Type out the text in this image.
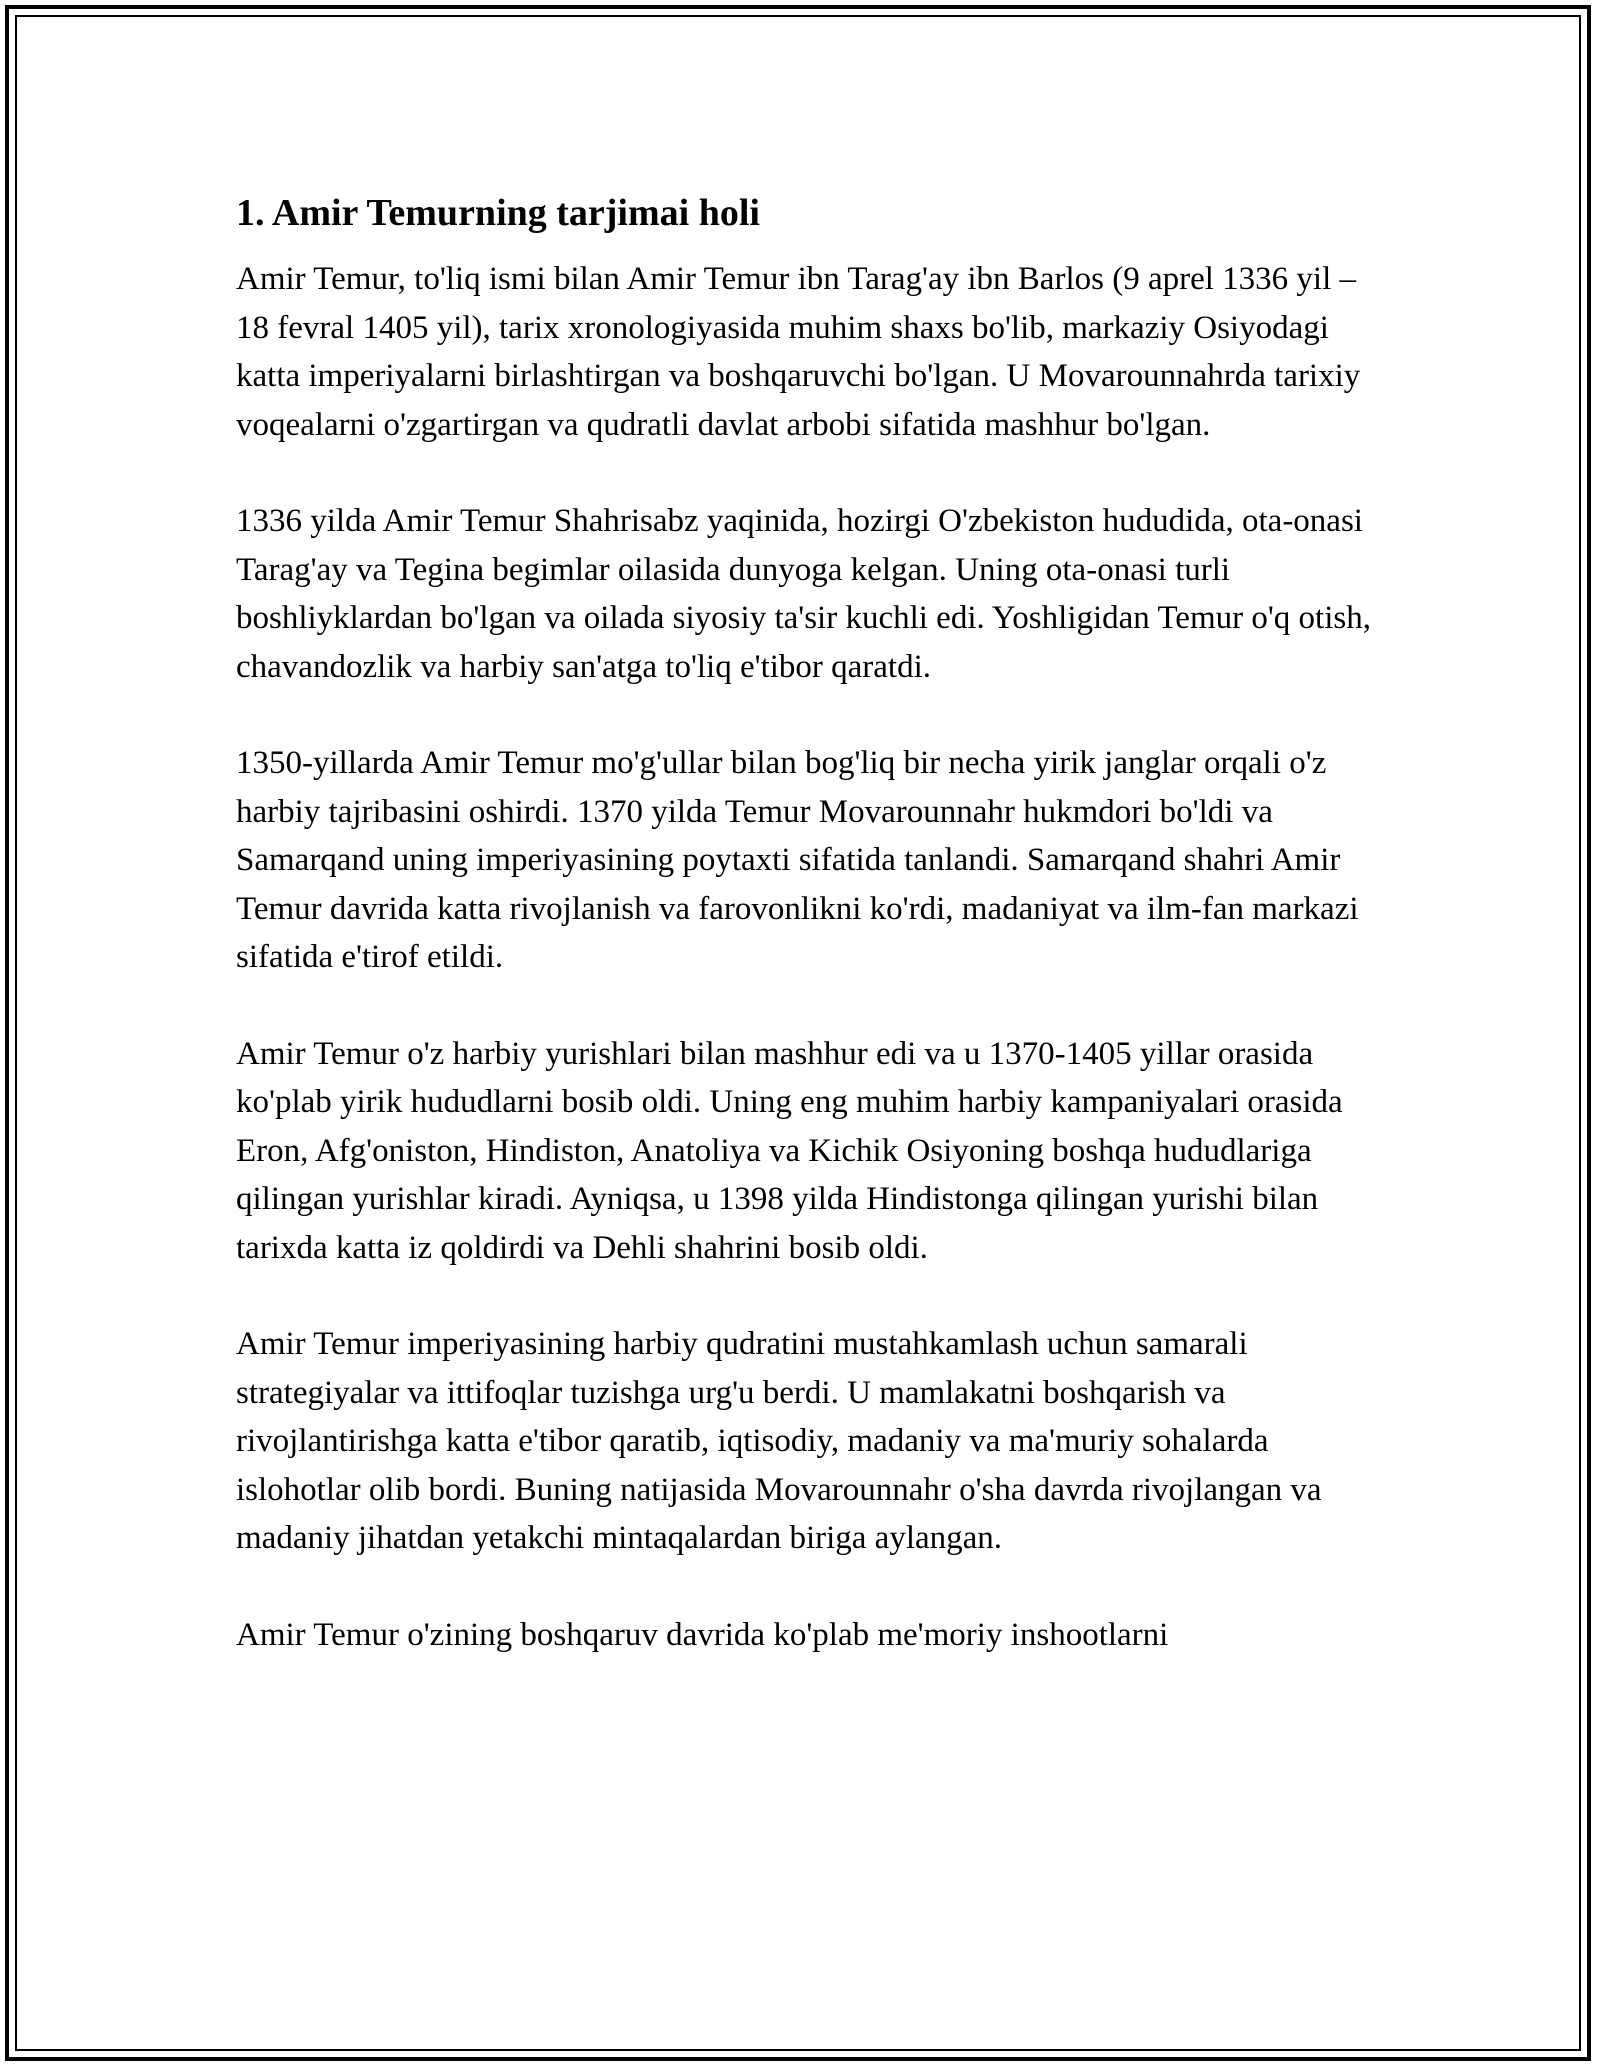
1. Amir Temurning tarjimai holi

Amir Temur, to'liq ismi bilan Amir Temur ibn Tarag'ay ibn Barlos (9 aprel 1336 yil – 18 fevral 1405 yil), tarix xronologiyasida muhim shaxs bo'lib, markaziy Osiyodagi katta imperiyalarni birlashtirgan va boshqaruvchi bo'lgan. U Movarounnahrda tarixiy voqealarni o'zgartirgan va qudratli davlat arbobi sifatida mashhur bo'lgan.

1336 yilda Amir Temur Shahrisabz yaqinida, hozirgi O'zbekiston hududida, ota-onasi Tarag'ay va Tegina begimlar oilasida dunyoga kelgan. Uning ota-onasi turli boshliyklardan bo'lgan va oilada siyosiy ta'sir kuchli edi. Yoshligidan Temur o'q otish, chavandozlik va harbiy san'atga to'liq e'tibor qaratdi.

1350-yillarda Amir Temur mo'g'ullar bilan bog'liq bir necha yirik janglar orqali o'z harbiy tajribasini oshirdi. 1370 yilda Temur Movarounnahr hukmdori bo'ldi va Samarqand uning imperiyasining poytaxti sifatida tanlandi. Samarqand shahri Amir Temur davrida katta rivojlanish va farovonlikni ko'rdi, madaniyat va ilm-fan markazi sifatida e'tirof etildi.

Amir Temur o'z harbiy yurishlari bilan mashhur edi va u 1370-1405 yillar orasida ko'plab yirik hududlarni bosib oldi. Uning eng muhim harbiy kampaniyalari orasida Eron, Afg'oniston, Hindiston, Anatoliya va Kichik Osiyoning boshqa hududlariga qilingan yurishlar kiradi. Ayniqsa, u 1398 yilda Hindistonga qilingan yurishi bilan tarixda katta iz qoldirdi va Dehli shahrini bosib oldi.

Amir Temur imperiyasining harbiy qudratini mustahkamlash uchun samarali strategiyalar va ittifoqlar tuzishga urg'u berdi. U mamlakatni boshqarish va rivojlantirishga katta e'tibor qaratib, iqtisodiy, madaniy va ma'muriy sohalarda islohotlar olib bordi. Buning natijasida Movarounnahr o'sha davrda rivojlangan va madaniy jihatdan yetakchi mintaqalardan biriga aylangan.

Amir Temur o'zining boshqaruv davrida ko'plab me'moriy inshootlarni
